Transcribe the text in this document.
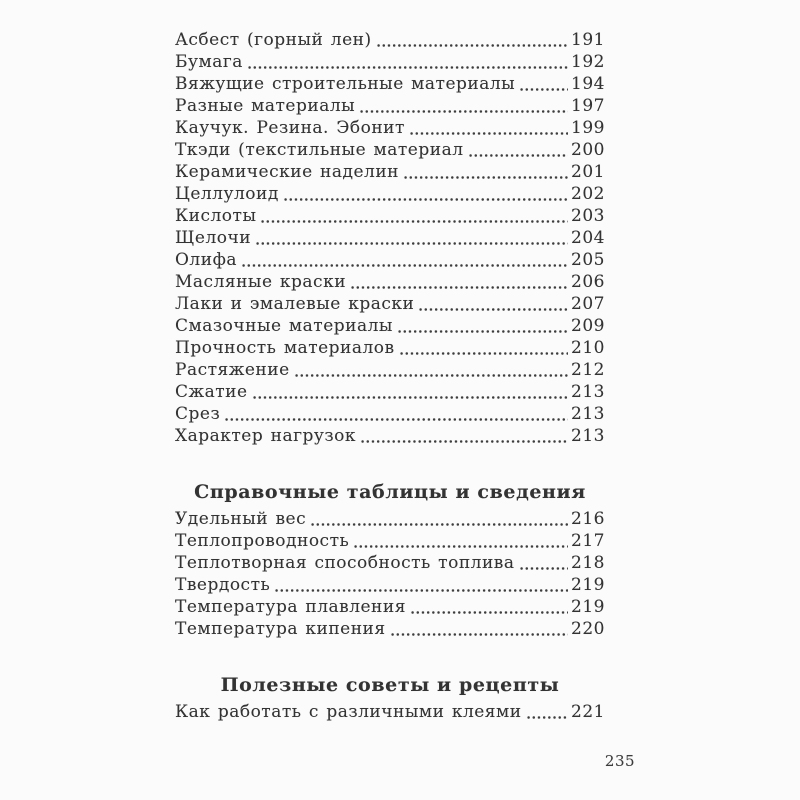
Асбест (горный лен)	191
Бумага	192
Вяжущие строительные материалы	194
Разные материалы	197
Каучук. Резина. Эбонит	199
Ткэди (текстильные материал	200
Керамические наделин	201
Целлулоид	202
Кислоты	203
Щелочи	204
Олифа	205
Масляные краски	206
Лаки и эмалевые краски	207
Смазочные материалы	209
Прочность материалов	210
Растяжение	212
Сжатие	213
Срез	213
Характер нагрузок	213
Справочные таблицы и сведения
Удельный вес	216
Теплопроводность	217
Теплотворная способность топлива	218
Твердость	219
Температура плавления	219
Температура кипения	220
Полезные советы и рецепты
Как работать с различными клеями	221
235
